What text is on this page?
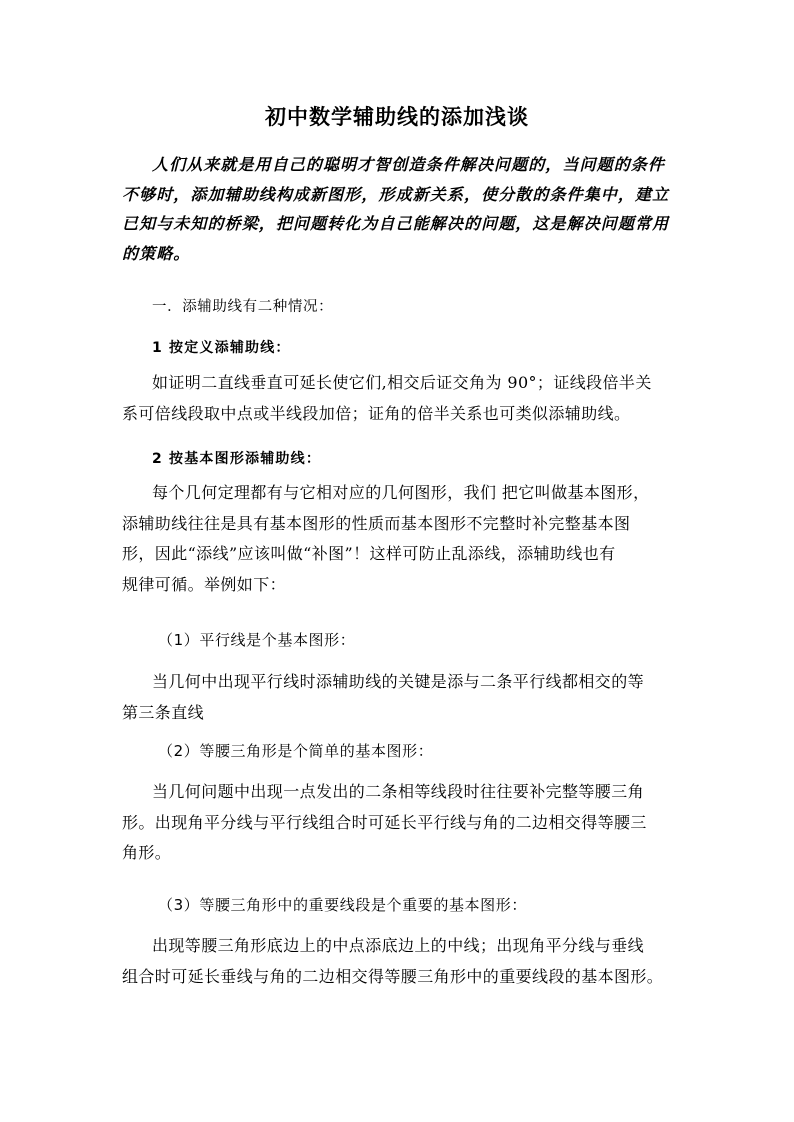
初中数学辅助线的添加浅谈
人们从来就是用自己的聪明才智创造条件解决问题的，当问题的条件
不够时，添加辅助线构成新图形，形成新关系，使分散的条件集中，建立
已知与未知的桥梁，把问题转化为自己能解决的问题，这是解决问题常用
的策略。
一．添辅助线有二种情况：
1 按定义添辅助线：
如证明二直线垂直可延长使它们,相交后证交角为 90°；证线段倍半关
系可倍线段取中点或半线段加倍；证角的倍半关系也可类似添辅助线。
2 按基本图形添辅助线：
每个几何定理都有与它相对应的几何图形，我们 把它叫做基本图形，
添辅助线往往是具有基本图形的性质而基本图形不完整时补完整基本图
形，因此“添线”应该叫做“补图”！这样可防止乱添线，添辅助线也有
规律可循。举例如下：
（1）平行线是个基本图形：
当几何中出现平行线时添辅助线的关键是添与二条平行线都相交的等
第三条直线
（2）等腰三角形是个简单的基本图形：
当几何问题中出现一点发出的二条相等线段时往往要补完整等腰三角
形。出现角平分线与平行线组合时可延长平行线与角的二边相交得等腰三
角形。
（3）等腰三角形中的重要线段是个重要的基本图形：
出现等腰三角形底边上的中点添底边上的中线；出现角平分线与垂线
组合时可延长垂线与角的二边相交得等腰三角形中的重要线段的基本图形。
